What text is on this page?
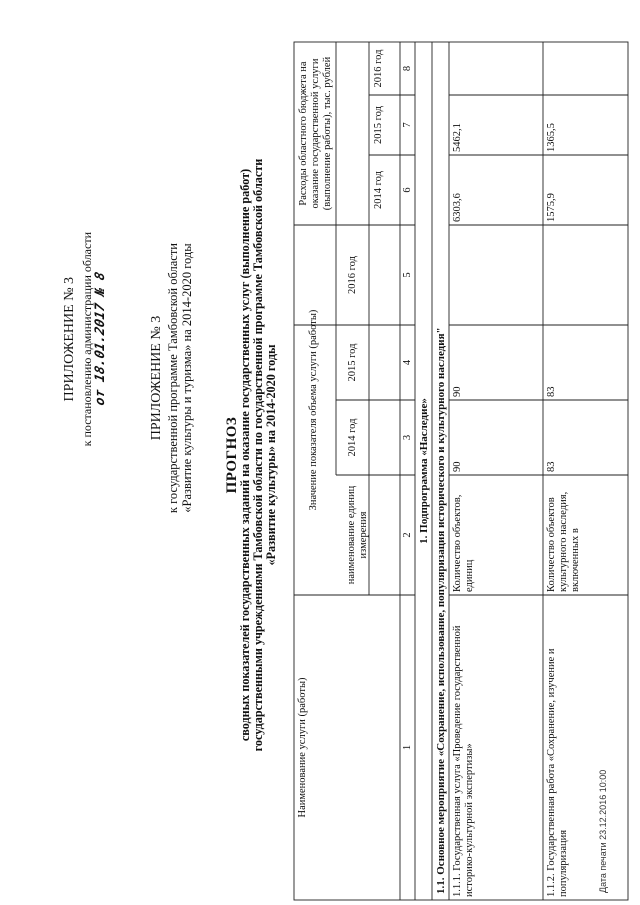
ПРИЛОЖЕНИЕ № 3 к постановлению администрации области от 18.01.2017 № 8	ПРИЛОЖЕНИЕ № 3 к государственной программе Тамбовской области «Развитие культуры и туризма» на 2014-2020 годы ПРОГНОЗ
сводных показателей государственных заданий на оказание государственных услуг (выполнение работ) государственными учреждениями Тамбовской области по государственной программе Тамбовской области «Развитие культуры» на 2014-2020 годы
Наименование услуги (работы)
Значение показателя объема услуги (работы)
наименование единиц измерения
2014 год
2015 год
2016 год
Расходы областного бюджета на оказание государственной услуги (выполнение работы), тыс. рублей	2014 год
2015 год
2016 год
1
2
3
4
5
6
7
8
1. Подпрограмма «Наследие» 1.1. Основное мероприятие «Сохранение, использование, популяризация исторического и культурного наследия" 1.1.1. Государственная услуга «Проведение государственной историко-культурной экспертизы»
Количество объектов, единиц
90
90
6303,6
5462,1
1.1.2. Государственная работа «Сохранение, изучение и популяризация
Количество объектов культурного наследия, включенных в
83
83
1575,9
1365,5
Дата печати 23.12.2016 10:00
